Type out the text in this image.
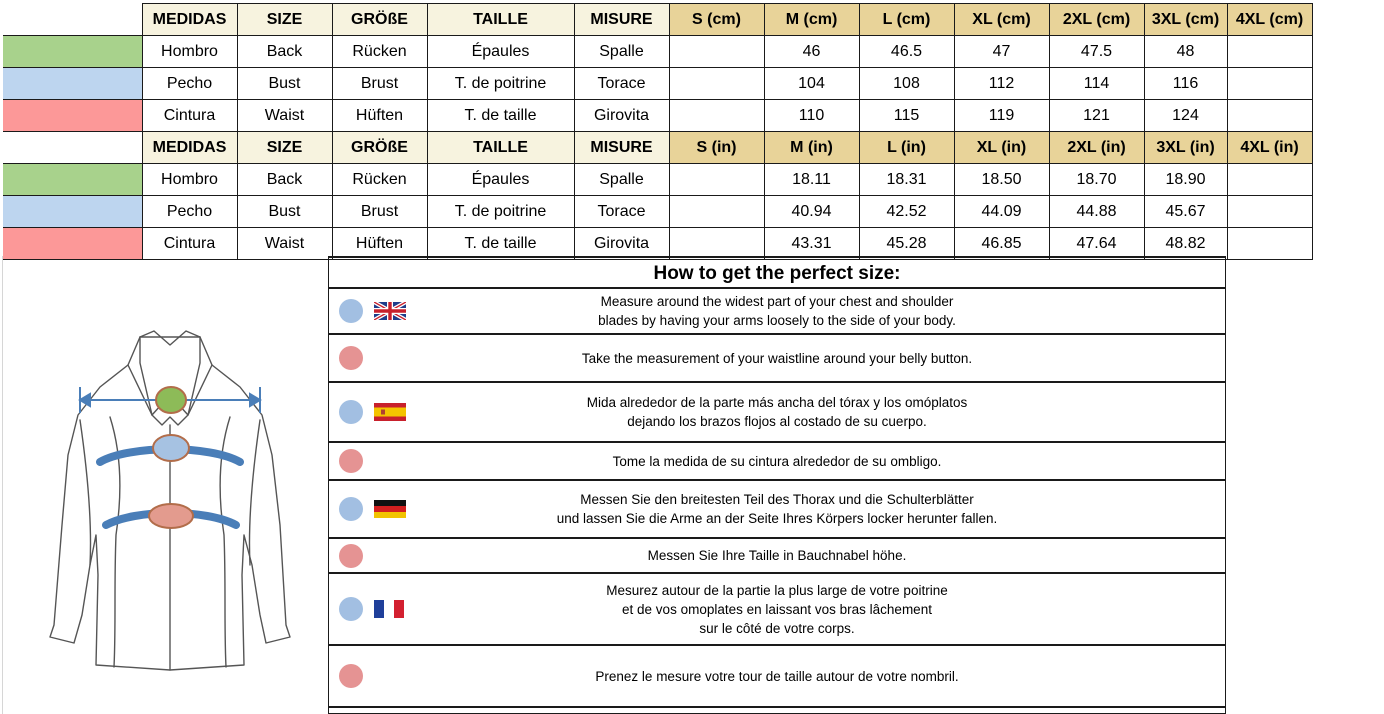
	MEDIDAS	SIZE	GRÖßE	TAILLE	MISURE	S (cm)	M (cm)	L (cm)	XL (cm)	2XL (cm)	3XL (cm)	4XL (cm)
	Hombro	Back	Rücken	Épaules	Spalle		46	46.5	47	47.5	48	
	Pecho	Bust	Brust	T. de poitrine	Torace		104	108	112	114	116	
	Cintura	Waist	Hüften	T. de taille	Girovita		110	115	119	121	124	
	MEDIDAS	SIZE	GRÖßE	TAILLE	MISURE	S (in)	M (in)	L (in)	XL (in)	2XL (in)	3XL (in)	4XL (in)
	Hombro	Back	Rücken	Épaules	Spalle		18.11	18.31	18.50	18.70	18.90	
	Pecho	Bust	Brust	T. de poitrine	Torace		40.94	42.52	44.09	44.88	45.67	
	Cintura	Waist	Hüften	T. de taille	Girovita		43.31	45.28	46.85	47.64	48.82	
How to get the perfect size:
Measure around the widest part of your chest and shoulder
blades by having your arms loosely to the side of your body.
Take the measurement of your waistline around your belly button.
Mida alrededor de la parte más ancha del tórax y los omóplatos
dejando los brazos flojos al costado de su cuerpo.
Tome la medida de su cintura alrededor de su ombligo.
Messen Sie den breitesten Teil des Thorax und die Schulterblätter
und lassen Sie die Arme an der Seite Ihres Körpers locker herunter fallen.
Messen Sie Ihre Taille in Bauchnabel höhe.
Mesurez autour de la partie la plus large de votre poitrine
et de vos omoplates en laissant vos bras lâchement
sur le côté de votre corps.
Prenez le mesure votre tour de taille autour de votre nombril.
